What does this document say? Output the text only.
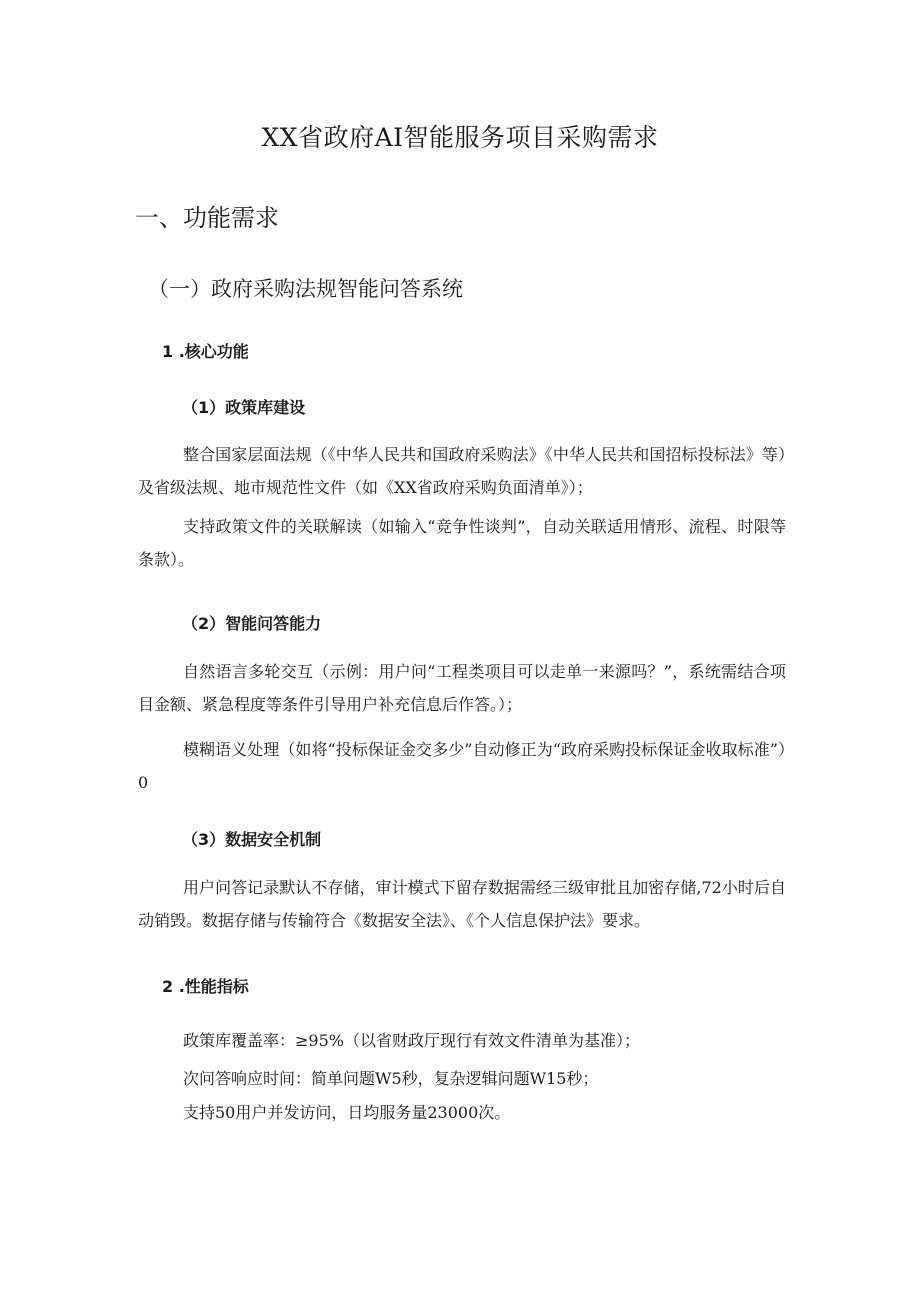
XX省政府AI智能服务项目采购需求
一、功能需求
（一）政府采购法规智能问答系统
1 .核心功能
（1）政策库建设

整合国家层面法规（《中华人民共和国政府采购法》《中华人民共和国招标投标法》等）及省级法规、地市规范性文件（如《XX省政府采购负面清单》）；

支持政策文件的关联解读（如输入“竞争性谈判”，自动关联适用情形、流程、时限等条款）。

（2）智能问答能力

自然语言多轮交互（示例：用户问“工程类项目可以走单一来源吗？”，系统需结合项目金额、紧急程度等条件引导用户补充信息后作答。）；

模糊语义处理（如将“投标保证金交多少”自动修正为“政府采购投标保证金收取标准”）0

（3）数据安全机制

用户问答记录默认不存储，审计模式下留存数据需经三级审批且加密存储,72小时后自动销毁。数据存储与传输符合《数据安全法》、《个人信息保护法》要求。

2 .性能指标
政策库覆盖率：≥95%（以省财政厅现行有效文件清单为基准）；
次问答响应时间：简单问题W5秒，复杂逻辑问题W15秒；
支持50用户并发访问，日均服务量23000次。
